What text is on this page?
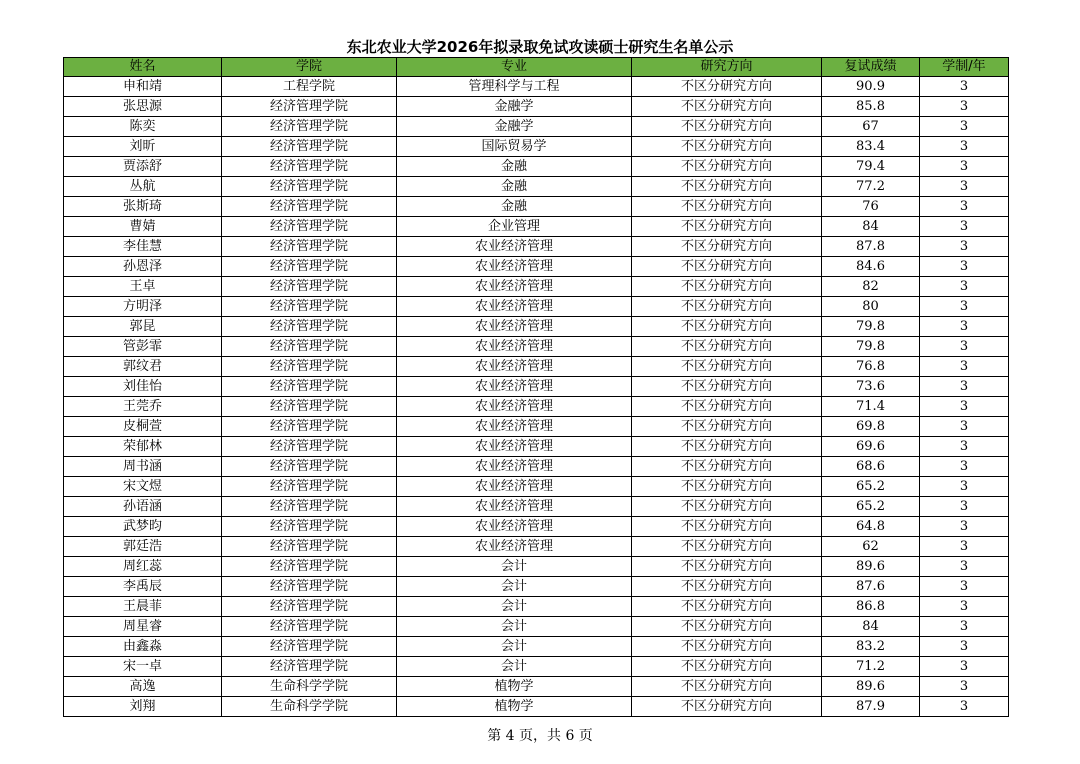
东北农业大学2026年拟录取免试攻读硕士研究生名单公示
姓名	学院	专业	研究方向	复试成绩	学制/年
申和靖	工程学院	管理科学与工程	不区分研究方向	90.9	3
张思源	经济管理学院	金融学	不区分研究方向	85.8	3
陈奕	经济管理学院	金融学	不区分研究方向	67	3
刘昕	经济管理学院	国际贸易学	不区分研究方向	83.4	3
贾添舒	经济管理学院	金融	不区分研究方向	79.4	3
丛航	经济管理学院	金融	不区分研究方向	77.2	3
张斯琦	经济管理学院	金融	不区分研究方向	76	3
曹婧	经济管理学院	企业管理	不区分研究方向	84	3
李佳慧	经济管理学院	农业经济管理	不区分研究方向	87.8	3
孙恩泽	经济管理学院	农业经济管理	不区分研究方向	84.6	3
王卓	经济管理学院	农业经济管理	不区分研究方向	82	3
方明泽	经济管理学院	农业经济管理	不区分研究方向	80	3
郭昆	经济管理学院	农业经济管理	不区分研究方向	79.8	3
管彭霏	经济管理学院	农业经济管理	不区分研究方向	79.8	3
郭纹君	经济管理学院	农业经济管理	不区分研究方向	76.8	3
刘佳怡	经济管理学院	农业经济管理	不区分研究方向	73.6	3
王莞乔	经济管理学院	农业经济管理	不区分研究方向	71.4	3
皮桐萱	经济管理学院	农业经济管理	不区分研究方向	69.8	3
荣郁林	经济管理学院	农业经济管理	不区分研究方向	69.6	3
周书涵	经济管理学院	农业经济管理	不区分研究方向	68.6	3
宋文煜	经济管理学院	农业经济管理	不区分研究方向	65.2	3
孙语涵	经济管理学院	农业经济管理	不区分研究方向	65.2	3
武梦昀	经济管理学院	农业经济管理	不区分研究方向	64.8	3
郭廷浩	经济管理学院	农业经济管理	不区分研究方向	62	3
周红蕊	经济管理学院	会计	不区分研究方向	89.6	3
李禹辰	经济管理学院	会计	不区分研究方向	87.6	3
王晨菲	经济管理学院	会计	不区分研究方向	86.8	3
周星睿	经济管理学院	会计	不区分研究方向	84	3
由鑫淼	经济管理学院	会计	不区分研究方向	83.2	3
宋一卓	经济管理学院	会计	不区分研究方向	71.2	3
高逸	生命科学学院	植物学	不区分研究方向	89.6	3
刘翔	生命科学学院	植物学	不区分研究方向	87.9	3
第 4 页，共 6 页
